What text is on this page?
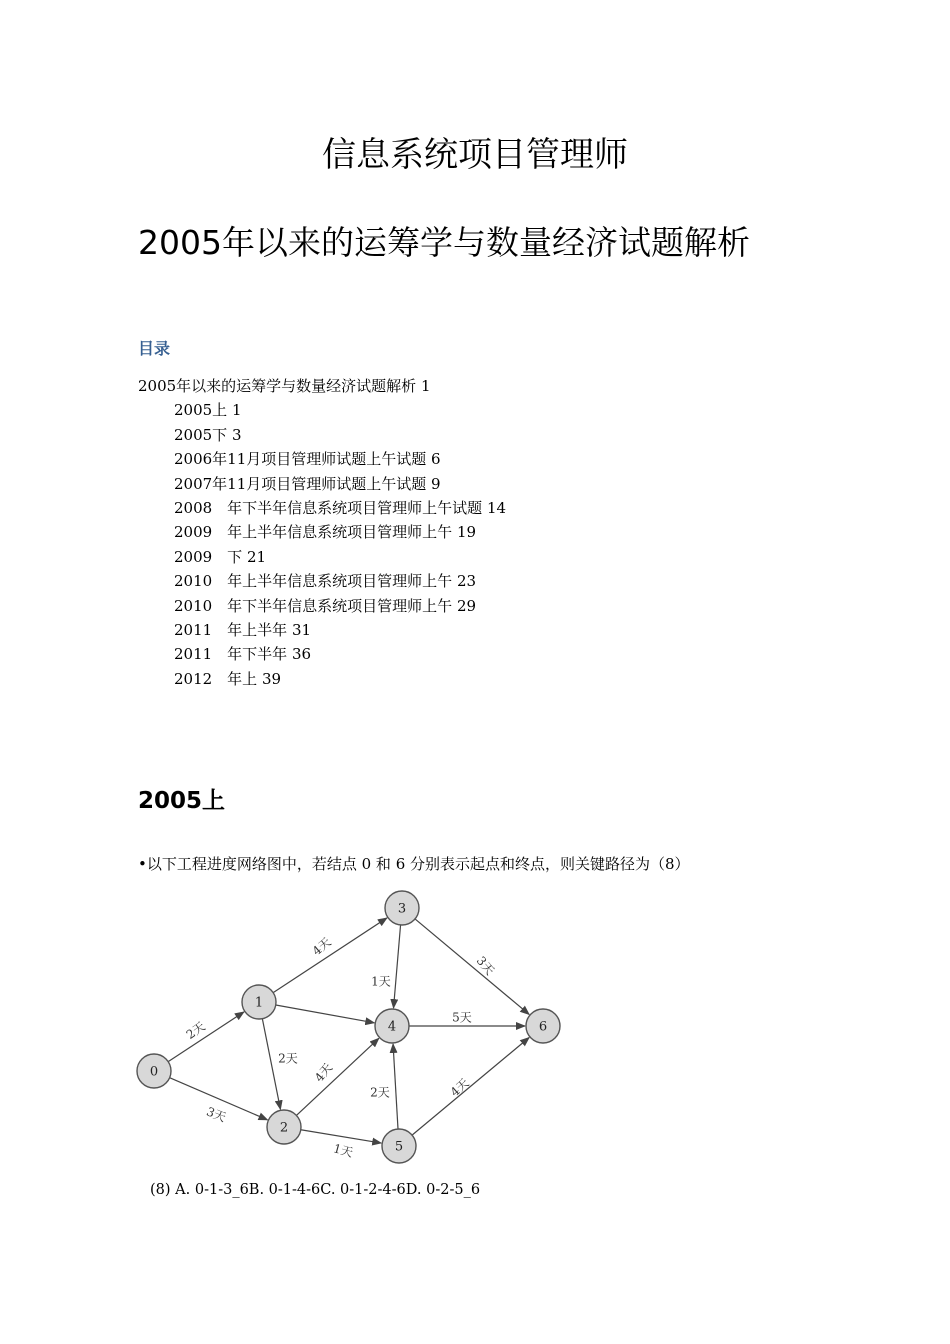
信息系统项目管理师
2005年以来的运筹学与数量经济试题解析
目录
2005年以来的运筹学与数量经济试题解析 1
2005上 1
2005下 3
2006年11月项目管理师试题上午试题 6
2007年11月项目管理师试题上午试题 9
2008　年下半年信息系统项目管理师上午试题 14
2009　年上半年信息系统项目管理师上午 19
2009　下 21
2010　年上半年信息系统项目管理师上午 23
2010　年下半年信息系统项目管理师上午 29
2011　年上半年 31
2011　年下半年 36
2012　年上 39
2005上
•以下工程进度网络图中，若结点 0 和 6 分别表示起点和终点，则关键路径为（8）
2天
3天
4天
2天
4天
1天
1天
3天
5天
2天	4天
0
1
2
3
4
5
6
(8) A. 0-1-3_6B. 0-1-4-6C. 0-1-2-4-6D. 0-2-5_6
